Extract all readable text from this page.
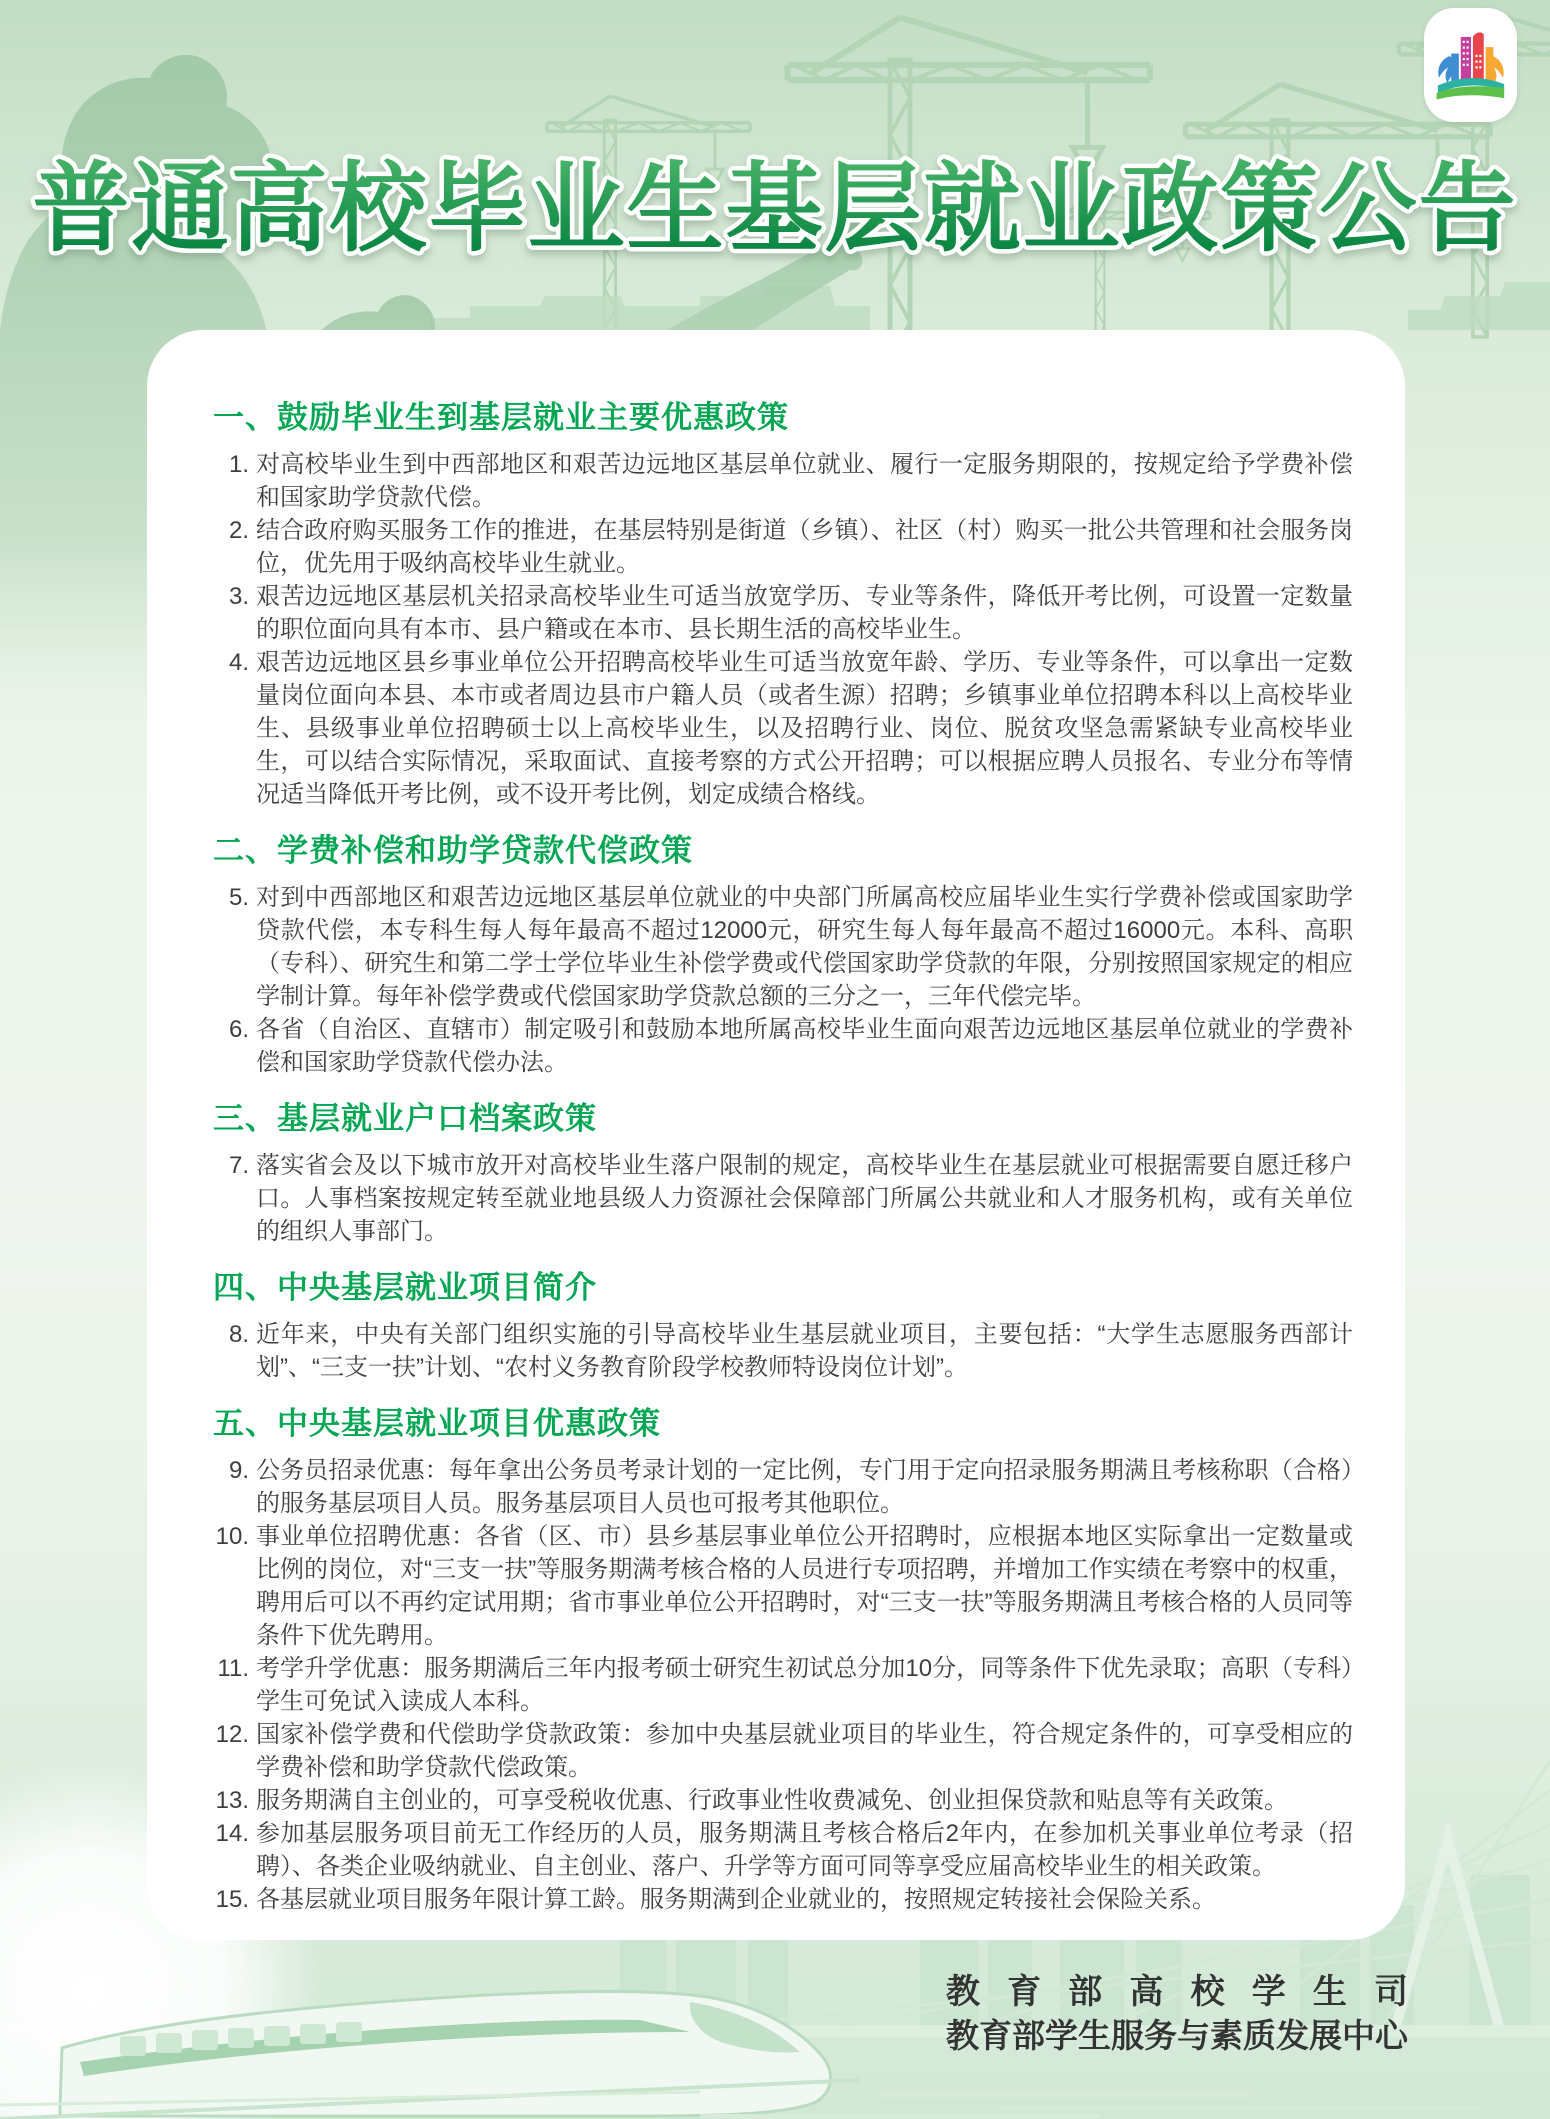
普通高校毕业生基层就业政策公告
一、鼓励毕业生到基层就业主要优惠政策
1. 对高校毕业生到中西部地区和艰苦边远地区基层单位就业、履行一定服务期限的，按规定给予学费补偿和国家助学贷款代偿。
2. 结合政府购买服务工作的推进，在基层特别是街道（乡镇）、社区（村）购买一批公共管理和社会服务岗位，优先用于吸纳高校毕业生就业。
3. 艰苦边远地区基层机关招录高校毕业生可适当放宽学历、专业等条件，降低开考比例，可设置一定数量的职位面向具有本市、县户籍或在本市、县长期生活的高校毕业生。
4. 艰苦边远地区县乡事业单位公开招聘高校毕业生可适当放宽年龄、学历、专业等条件，可以拿出一定数量岗位面向本县、本市或者周边县市户籍人员（或者生源）招聘；乡镇事业单位招聘本科以上高校毕业生、县级事业单位招聘硕士以上高校毕业生，以及招聘行业、岗位、脱贫攻坚急需紧缺专业高校毕业生，可以结合实际情况，采取面试、直接考察的方式公开招聘；可以根据应聘人员报名、专业分布等情况适当降低开考比例，或不设开考比例，划定成绩合格线。
二、学费补偿和助学贷款代偿政策
5. 对到中西部地区和艰苦边远地区基层单位就业的中央部门所属高校应届毕业生实行学费补偿或国家助学贷款代偿，本专科生每人每年最高不超过12000元，研究生每人每年最高不超过16000元。本科、高职（专科）、研究生和第二学士学位毕业生补偿学费或代偿国家助学贷款的年限，分别按照国家规定的相应学制计算。每年补偿学费或代偿国家助学贷款总额的三分之一，三年代偿完毕。
6. 各省（自治区、直辖市）制定吸引和鼓励本地所属高校毕业生面向艰苦边远地区基层单位就业的学费补偿和国家助学贷款代偿办法。
三、基层就业户口档案政策
7. 落实省会及以下城市放开对高校毕业生落户限制的规定，高校毕业生在基层就业可根据需要自愿迁移户口。人事档案按规定转至就业地县级人力资源社会保障部门所属公共就业和人才服务机构，或有关单位的组织人事部门。
四、中央基层就业项目简介
8. 近年来，中央有关部门组织实施的引导高校毕业生基层就业项目，主要包括：“大学生志愿服务西部计划”、“三支一扶”计划、“农村义务教育阶段学校教师特设岗位计划”。
五、中央基层就业项目优惠政策
9. 公务员招录优惠：每年拿出公务员考录计划的一定比例，专门用于定向招录服务期满且考核称职（合格）的服务基层项目人员。服务基层项目人员也可报考其他职位。
10. 事业单位招聘优惠：各省（区、市）县乡基层事业单位公开招聘时，应根据本地区实际拿出一定数量或比例的岗位，对“三支一扶”等服务期满考核合格的人员进行专项招聘，并增加工作实绩在考察中的权重，聘用后可以不再约定试用期；省市事业单位公开招聘时，对“三支一扶”等服务期满且考核合格的人员同等条件下优先聘用。
11. 考学升学优惠：服务期满后三年内报考硕士研究生初试总分加10分，同等条件下优先录取；高职（专科）学生可免试入读成人本科。
12. 国家补偿学费和代偿助学贷款政策：参加中央基层就业项目的毕业生，符合规定条件的，可享受相应的学费补偿和助学贷款代偿政策。
13. 服务期满自主创业的，可享受税收优惠、行政事业性收费减免、创业担保贷款和贴息等有关政策。
14. 参加基层服务项目前无工作经历的人员，服务期满且考核合格后2年内，在参加机关事业单位考录（招聘）、各类企业吸纳就业、自主创业、落户、升学等方面可同等享受应届高校毕业生的相关政策。
15. 各基层就业项目服务年限计算工龄。服务期满到企业就业的，按照规定转接社会保险关系。
教育部高校学生司
教育部学生服务与素质发展中心
